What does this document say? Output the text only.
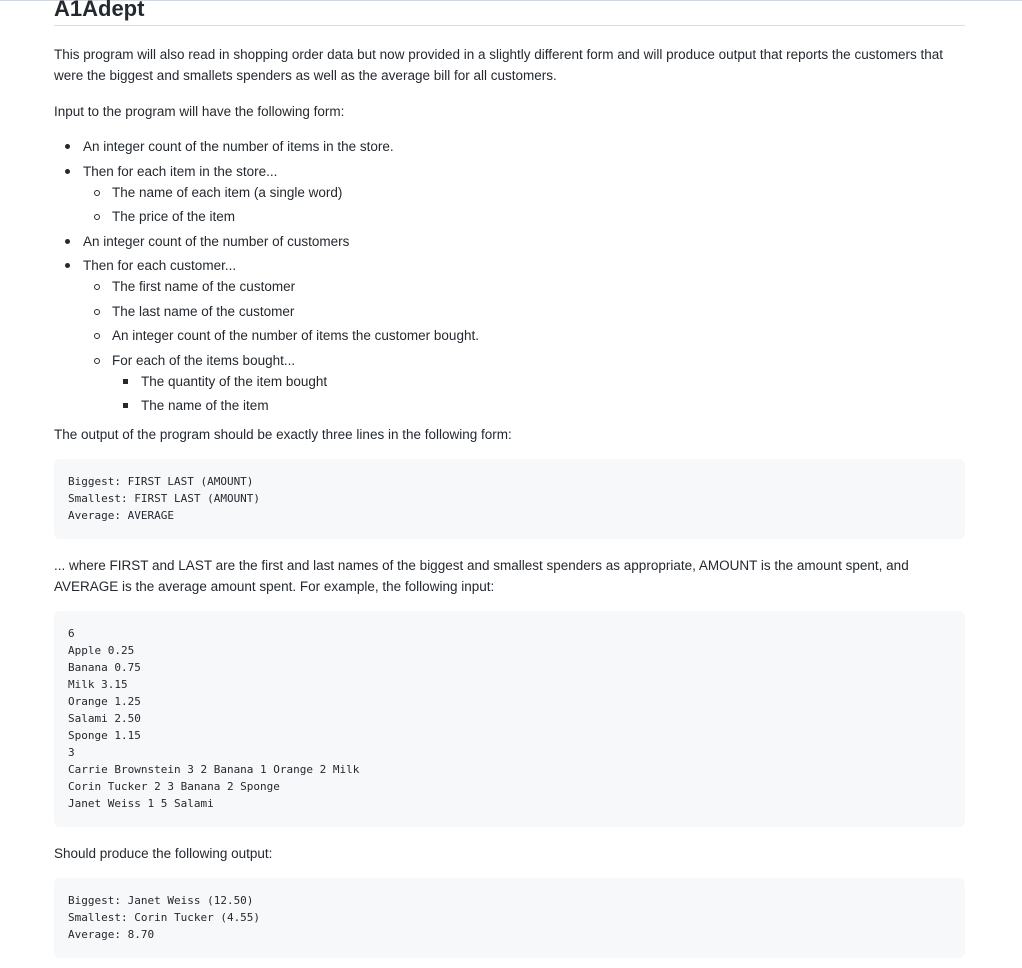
A1Adept

This program will also read in shopping order data but now provided in a slightly different form and will produce output that reports the customers that were the biggest and smallets spenders as well as the average bill for all customers.

Input to the program will have the following form:

An integer count of the number of items in the store.
Then for each item in the store...
The name of each item (a single word)
The price of the item
An integer count of the number of customers
Then for each customer...
The first name of the customer
The last name of the customer
An integer count of the number of items the customer bought.
For each of the items bought...
The quantity of the item bought
The name of the item

The output of the program should be exactly three lines in the following form:

Biggest: FIRST LAST (AMOUNT)
Smallest: FIRST LAST (AMOUNT)
Average: AVERAGE

... where FIRST and LAST are the first and last names of the biggest and smallest spenders as appropriate, AMOUNT is the amount spent, and AVERAGE is the average amount spent. For example, the following input:

6
Apple 0.25
Banana 0.75
Milk 3.15
Orange 1.25
Salami 2.50
Sponge 1.15
3
Carrie Brownstein 3 2 Banana 1 Orange 2 Milk
Corin Tucker 2 3 Banana 2 Sponge
Janet Weiss 1 5 Salami

Should produce the following output:

Biggest: Janet Weiss (12.50)
Smallest: Corin Tucker (4.55)
Average: 8.70
